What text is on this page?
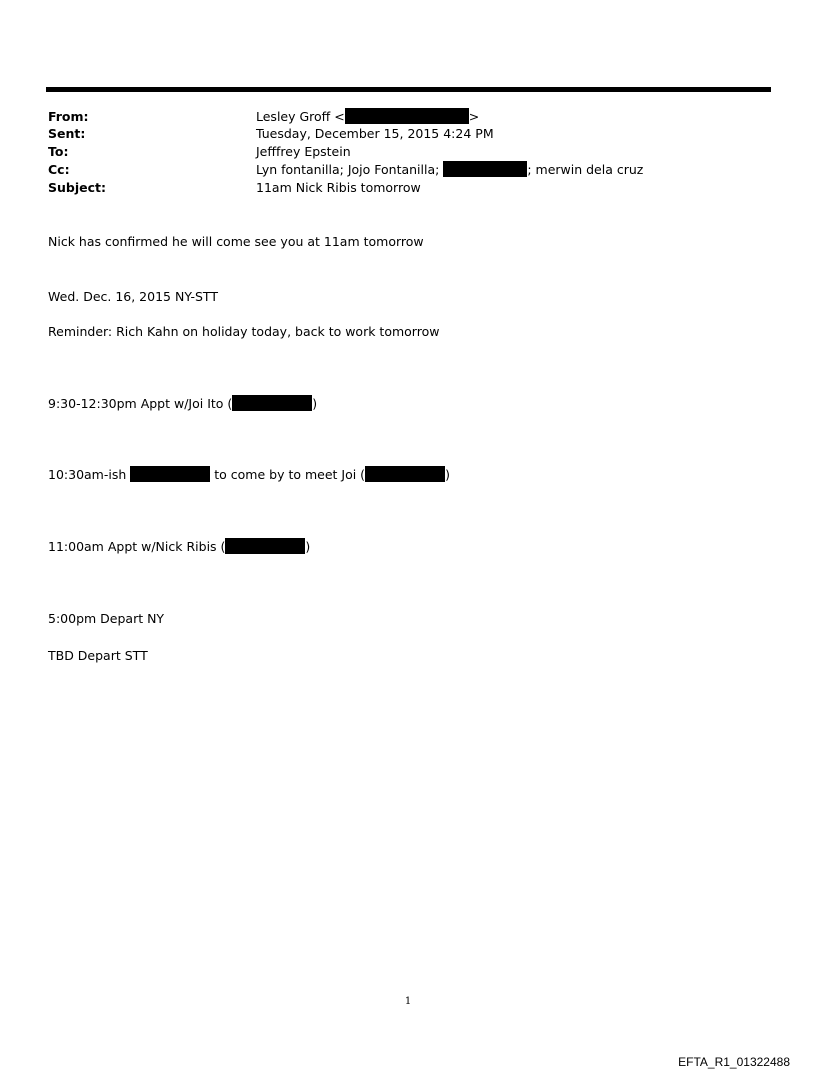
From:	Lesley Groff <	>
Sent:	Tuesday, December 15, 2015 4:24 PM
To:	Jefffrey Epstein
Cc:	Lyn fontanilla; Jojo Fontanilla;	; merwin dela cruz
Subject:	11am Nick Ribis tomorrow
Nick has confirmed he will come see you at 11am tomorrow
Wed. Dec. 16, 2015 NY-STT
Reminder: Rich Kahn on holiday today, back to work tomorrow
9:30-12:30pm Appt w/Joi Ito (	)
10:30am-ish	to come by to meet Joi (	)
11:00am Appt w/Nick Ribis (	)
5:00pm Depart NY
TBD Depart STT
1
EFTA_R1_01322488
